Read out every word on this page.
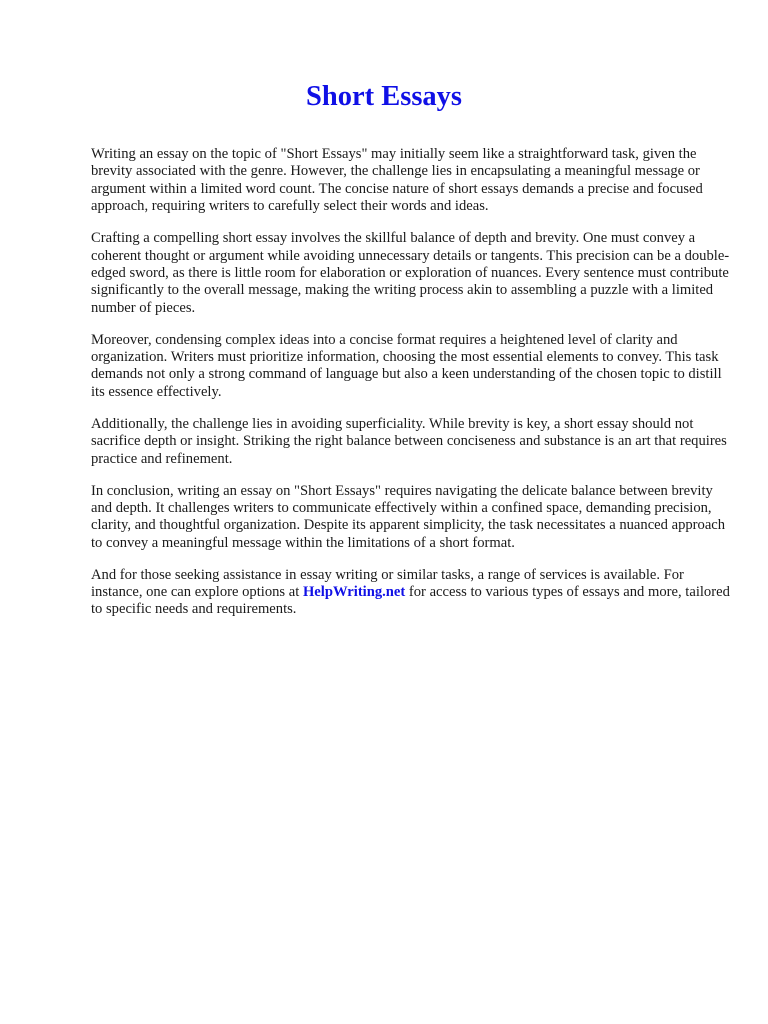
Short Essays

Writing an essay on the topic of "Short Essays" may initially seem like a straightforward task, given the brevity associated with the genre. However, the challenge lies in encapsulating a meaningful message or argument within a limited word count. The concise nature of short essays demands a precise and focused approach, requiring writers to carefully select their words and ideas.

Crafting a compelling short essay involves the skillful balance of depth and brevity. One must convey a coherent thought or argument while avoiding unnecessary details or tangents. This precision can be a double-edged sword, as there is little room for elaboration or exploration of nuances. Every sentence must contribute significantly to the overall message, making the writing process akin to assembling a puzzle with a limited number of pieces.

Moreover, condensing complex ideas into a concise format requires a heightened level of clarity and organization. Writers must prioritize information, choosing the most essential elements to convey. This task demands not only a strong command of language but also a keen understanding of the chosen topic to distill its essence effectively.

Additionally, the challenge lies in avoiding superficiality. While brevity is key, a short essay should not sacrifice depth or insight. Striking the right balance between conciseness and substance is an art that requires practice and refinement.

In conclusion, writing an essay on "Short Essays" requires navigating the delicate balance between brevity and depth. It challenges writers to communicate effectively within a confined space, demanding precision, clarity, and thoughtful organization. Despite its apparent simplicity, the task necessitates a nuanced approach to convey a meaningful message within the limitations of a short format.

And for those seeking assistance in essay writing or similar tasks, a range of services is available. For instance, one can explore options at HelpWriting.net for access to various types of essays and more, tailored to specific needs and requirements.
